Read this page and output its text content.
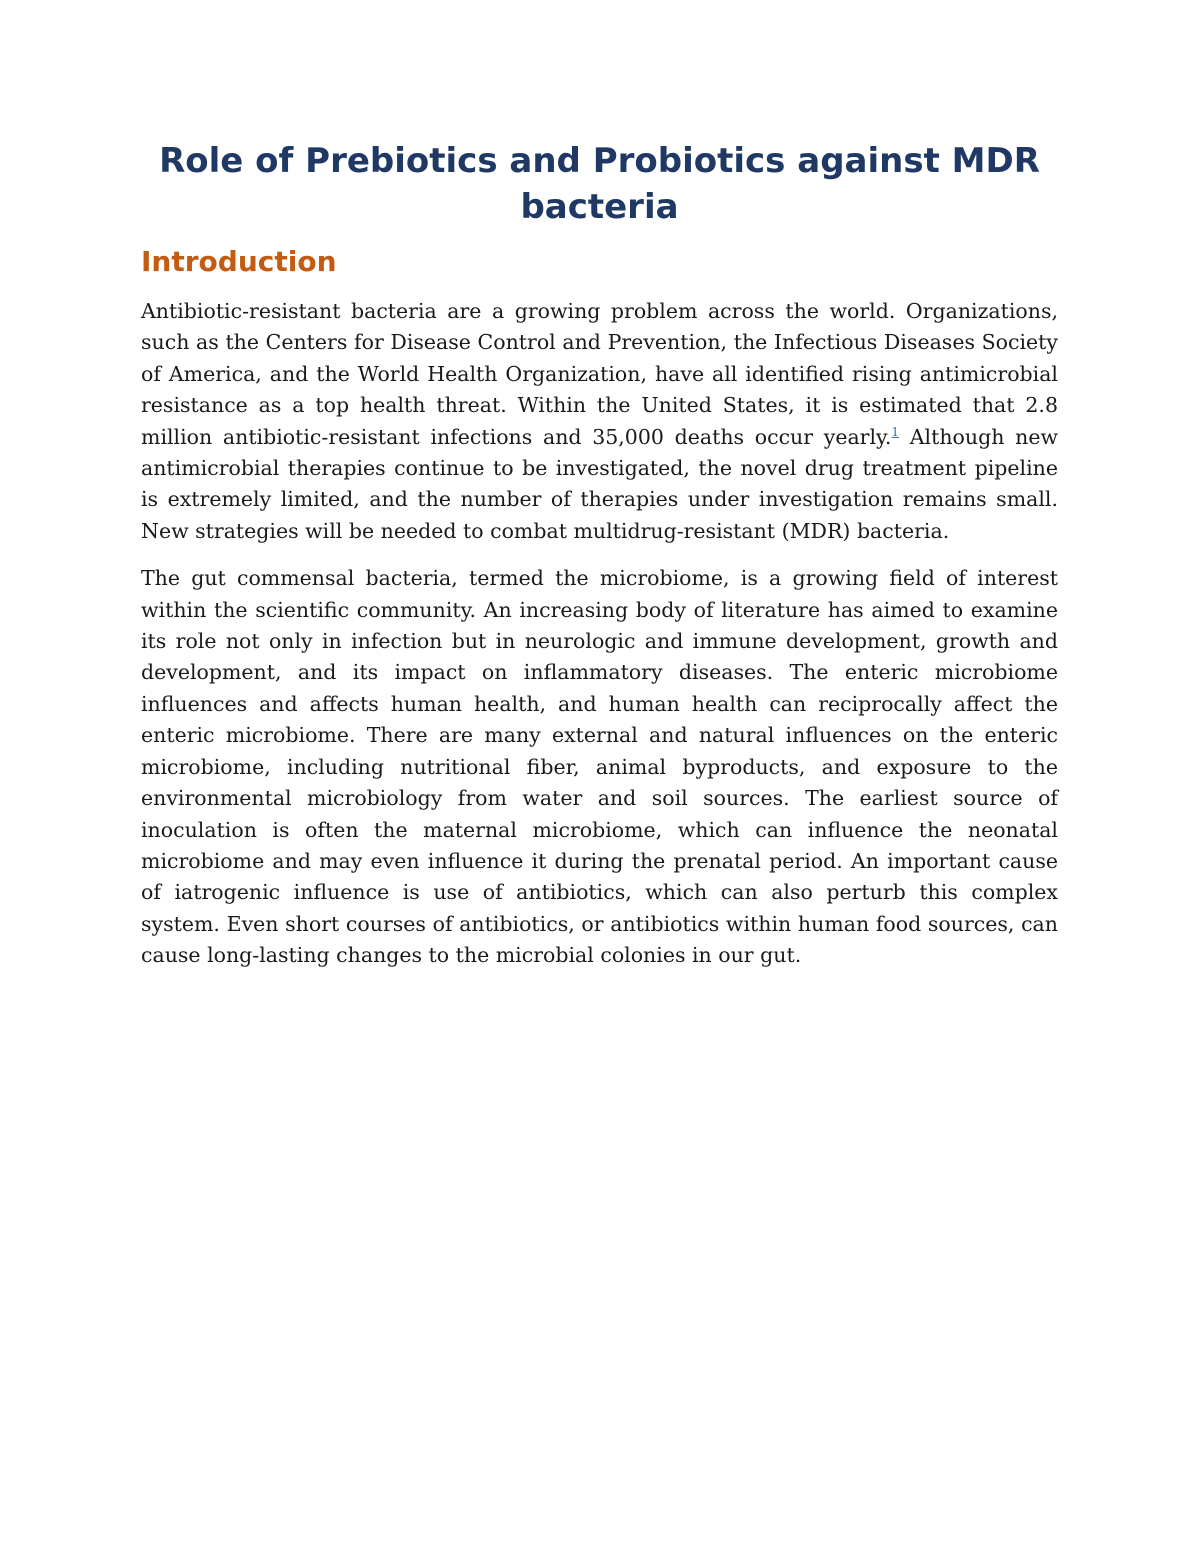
Role of Prebiotics and Probiotics against MDR bacteria
Introduction

Antibiotic-resistant bacteria are a growing problem across the world. Organizations, such as the Centers for Disease Control and Prevention, the Infectious Diseases Society of America, and the World Health Organization, have all identified rising antimicrobial resistance as a top health threat. Within the United States, it is estimated that 2.8 million antibiotic-resistant infections and 35,000 deaths occur yearly.$^1$ Although new antimicrobial therapies continue to be investigated, the novel drug treatment pipeline is extremely limited, and the number of therapies under investigation remains small. New strategies will be needed to combat multidrug-resistant (MDR) bacteria.

The gut commensal bacteria, termed the microbiome, is a growing field of interest within the scientific community. An increasing body of literature has aimed to examine its role not only in infection but in neurologic and immune development, growth and development, and its impact on inflammatory diseases. The enteric microbiome influences and affects human health, and human health can reciprocally affect the enteric microbiome. There are many external and natural influences on the enteric microbiome, including nutritional fiber, animal byproducts, and exposure to the environmental microbiology from water and soil sources. The earliest source of inoculation is often the maternal microbiome, which can influence the neonatal microbiome and may even influence it during the prenatal period. An important cause of iatrogenic influence is use of antibiotics, which can also perturb this complex system. Even short courses of antibiotics, or antibiotics within human food sources, can cause long-lasting changes to the microbial colonies in our gut.
